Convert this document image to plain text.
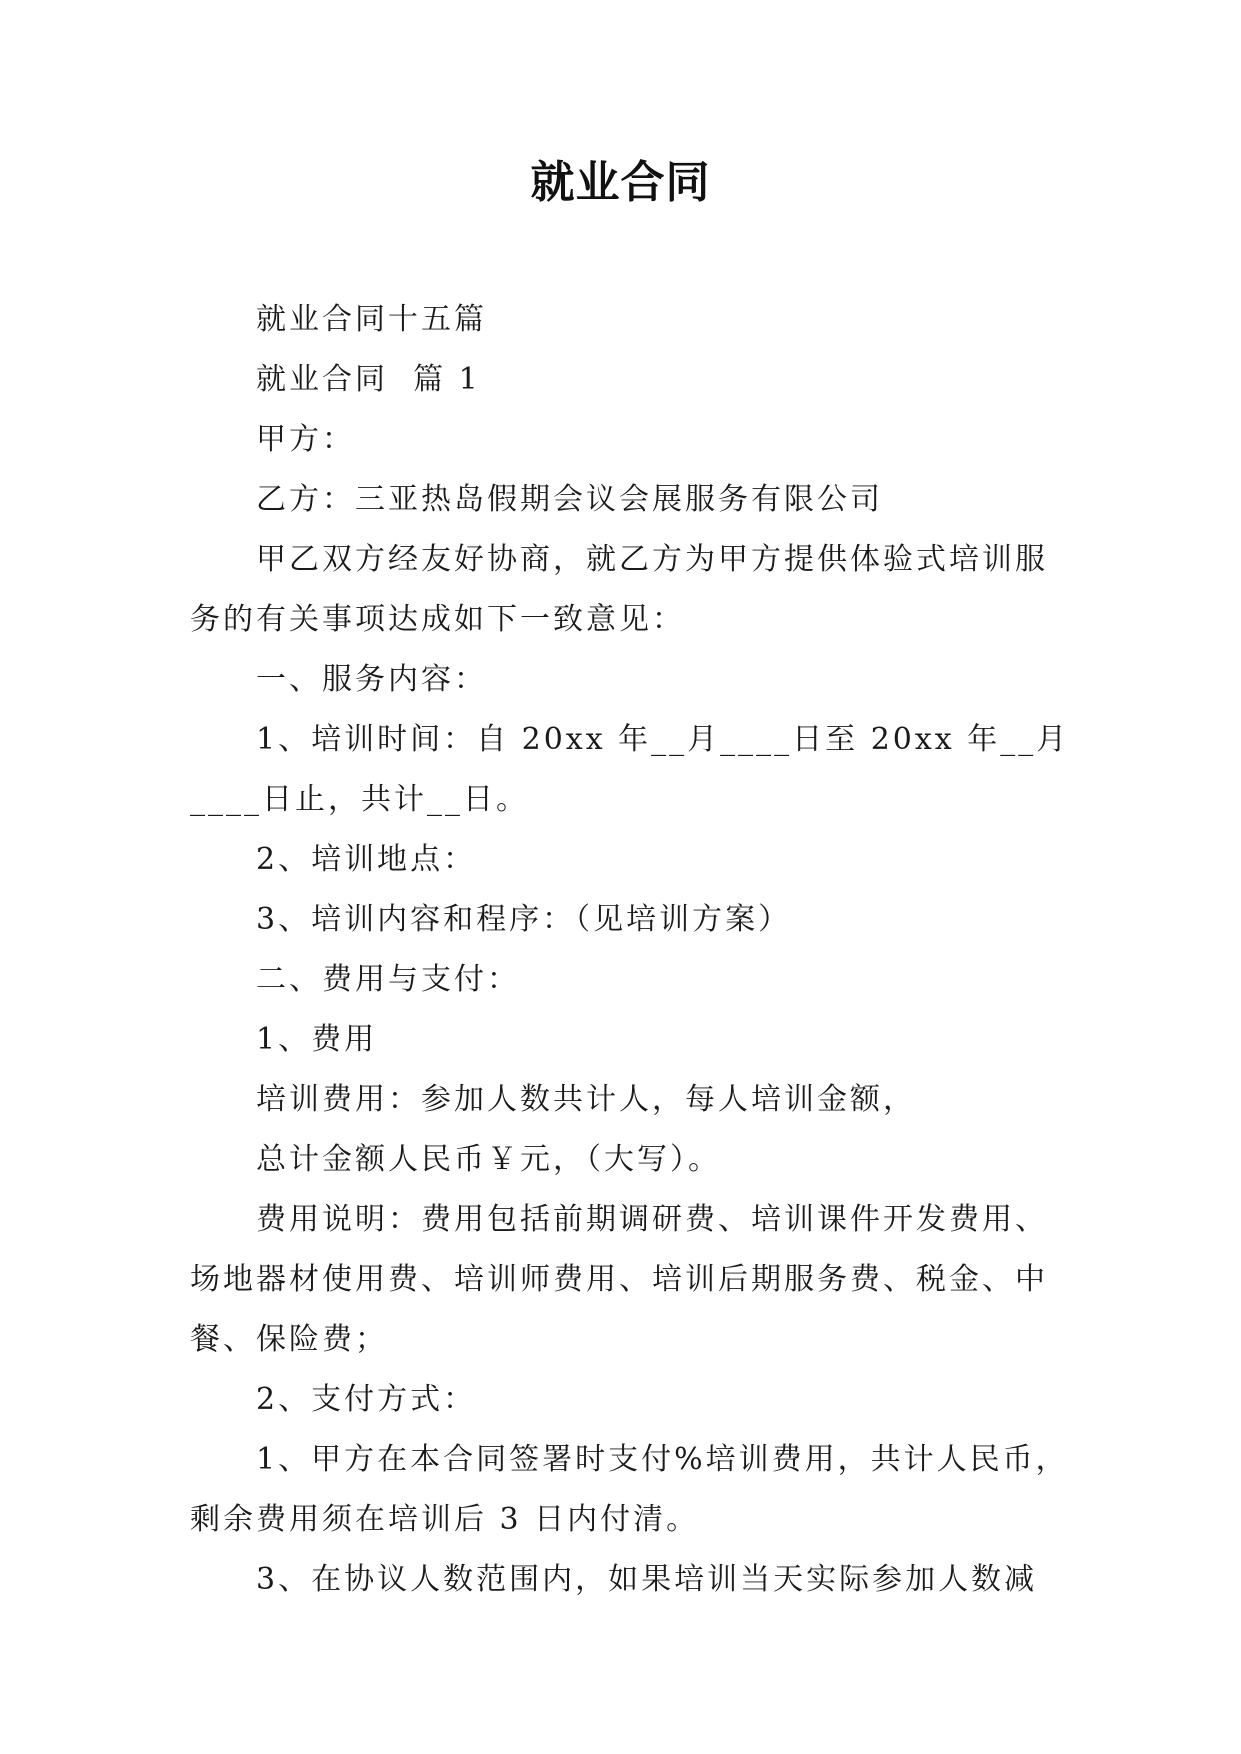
就业合同

就业合同十五篇

就业合同  篇 1

甲方：

乙方：三亚热岛假期会议会展服务有限公司

甲乙双方经友好协商，就乙方为甲方提供体验式培训服务的有关事项达成如下一致意见：

一、服务内容：

1、培训时间：自 20xx 年__月____日至 20xx 年__月____日止，共计__日。

2、培训地点：

3、培训内容和程序：（见培训方案）

二、费用与支付：

1、费用

培训费用：参加人数共计人，每人培训金额，

总计金额人民币￥元，（大写）。

费用说明：费用包括前期调研费、培训课件开发费用、场地器材使用费、培训师费用、培训后期服务费、税金、中餐、保险费；

2、支付方式：

1、甲方在本合同签署时支付%培训费用，共计人民币，剩余费用须在培训后 3 日内付清。

3、在协议人数范围内，如果培训当天实际参加人数减
